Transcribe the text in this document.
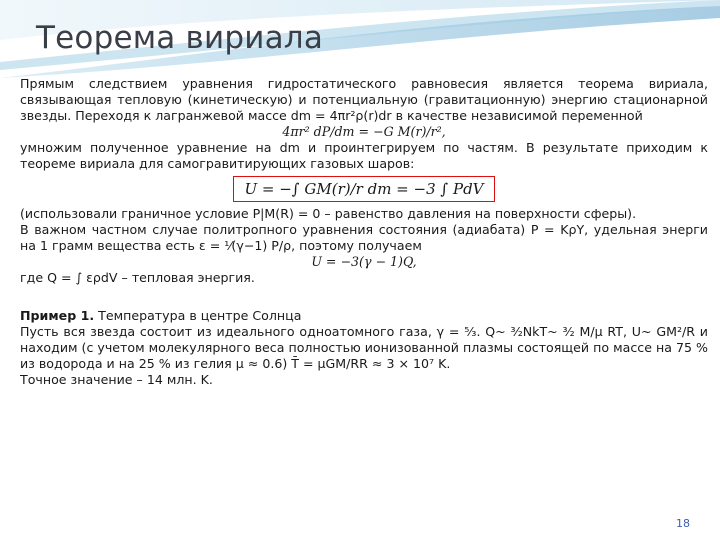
Теорема вириала

Прямым следствием уравнения гидростатического равновесия является теорема вириала, связывающая тепловую (кинетическую) и потенциальную (гравитационную) энергию стационарной звезды. Переходя к лагранжевой массе dm = 4πr²ρ(r)dr в качестве независимой переменной

4πr² dP/dm = −G M(r)/r²,

умножим полученное уравнение на dm и проинтегрируем по частям. В результате приходим к теореме вириала для самогравитирующих газовых шаров:

U = −∫ GM(r)/r dm = −3 ∫ PdV

(использовали граничное условие P|M(R) = 0 – равенство давления на поверхности сферы).

В важном частном случае политропного уравнения состояния (адиабата) P = KρΥ, удельная энерги на 1 грамм вещества есть ε = ¹⁄(γ−1) P/ρ, поэтому получаем

U = −3(γ − 1)Q,

где Q = ∫ ερdV – тепловая энергия.

Пример 1. Температура в центре Солнца

Пусть вся звезда состоит из идеального одноатомного газа, γ = ⁵⁄₃. Q~ ³⁄₂NkT~ ³⁄₂ M/μ RT, U~ GM²/R и находим (с учетом молекулярного веса полностью ионизованной плазмы состоящей по массе на 75 % из водорода и на 25 % из гелия μ ≈ 0.6) T̄ = μGM/RR ≈ 3 × 10⁷ K.

Точное значение – 14 млн. K.

18
